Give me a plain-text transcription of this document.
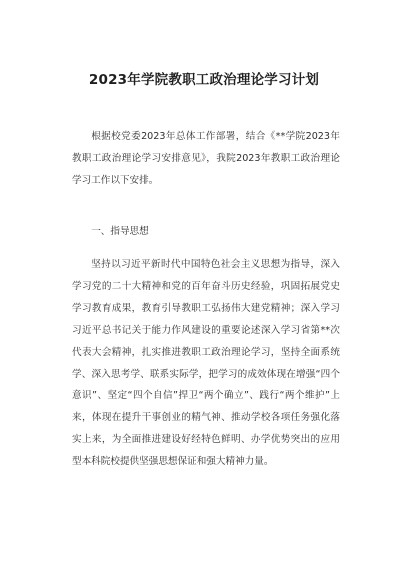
2023年学院教职工政治理论学习计划

根据校党委2023年总体工作部署，结合《**学院2023年教职工政治理论学习安排意见》，我院2023年教职工政治理论学习工作以下安排。

一、指导思想

坚持以习近平新时代中国特色社会主义思想为指导，深入学习党的二十大精神和党的百年奋斗历史经验，巩固拓展党史学习教育成果，教育引导教职工弘扬伟大建党精神；深入学习习近平总书记关于能力作风建设的重要论述深入学习省第**次代表大会精神，扎实推进教职工政治理论学习，坚持全面系统学、深入思考学、联系实际学，把学习的成效体现在增强“四个意识”、坚定“四个自信”捍卫“两个确立”、践行“两个维护”上来，体现在提升干事创业的精气神、推动学校各项任务强化落实上来，为全面推进建设好经特色鲜明、办学优势突出的应用型本科院校提供坚强思想保证和强大精神力量。
